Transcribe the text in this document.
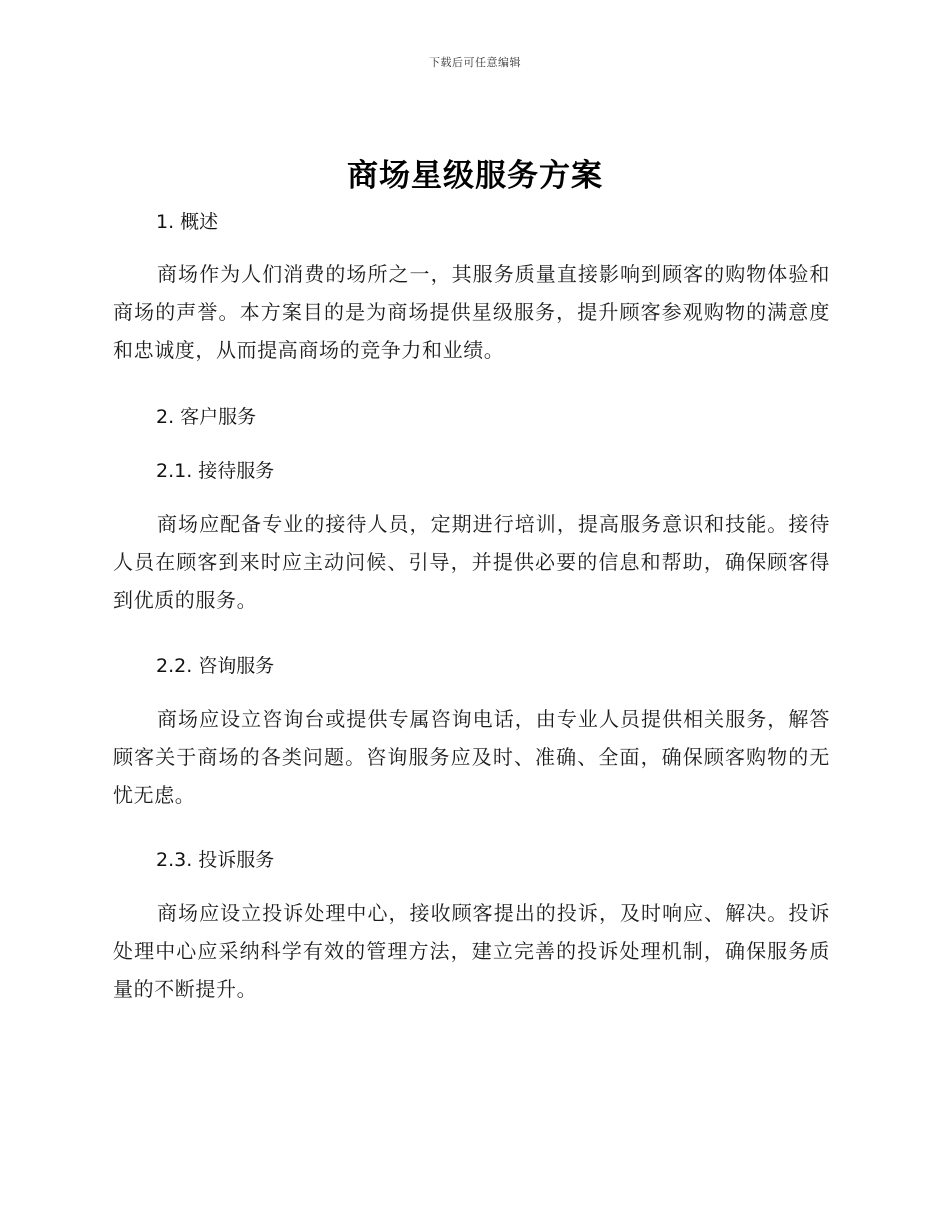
下载后可任意编辑
商场星级服务方案
1. 概述
商场作为人们消费的场所之一，其服务质量直接影响到顾客的购物体验和商场的声誉。本方案目的是为商场提供星级服务，提升顾客参观购物的满意度和忠诚度，从而提高商场的竞争力和业绩。
2. 客户服务
2.1. 接待服务
商场应配备专业的接待人员，定期进行培训，提高服务意识和技能。接待人员在顾客到来时应主动问候、引导，并提供必要的信息和帮助，确保顾客得到优质的服务。
2.2. 咨询服务
商场应设立咨询台或提供专属咨询电话，由专业人员提供相关服务，解答顾客关于商场的各类问题。咨询服务应及时、准确、全面，确保顾客购物的无忧无虑。
2.3. 投诉服务
商场应设立投诉处理中心，接收顾客提出的投诉，及时响应、解决。投诉处理中心应采纳科学有效的管理方法，建立完善的投诉处理机制，确保服务质量的不断提升。
